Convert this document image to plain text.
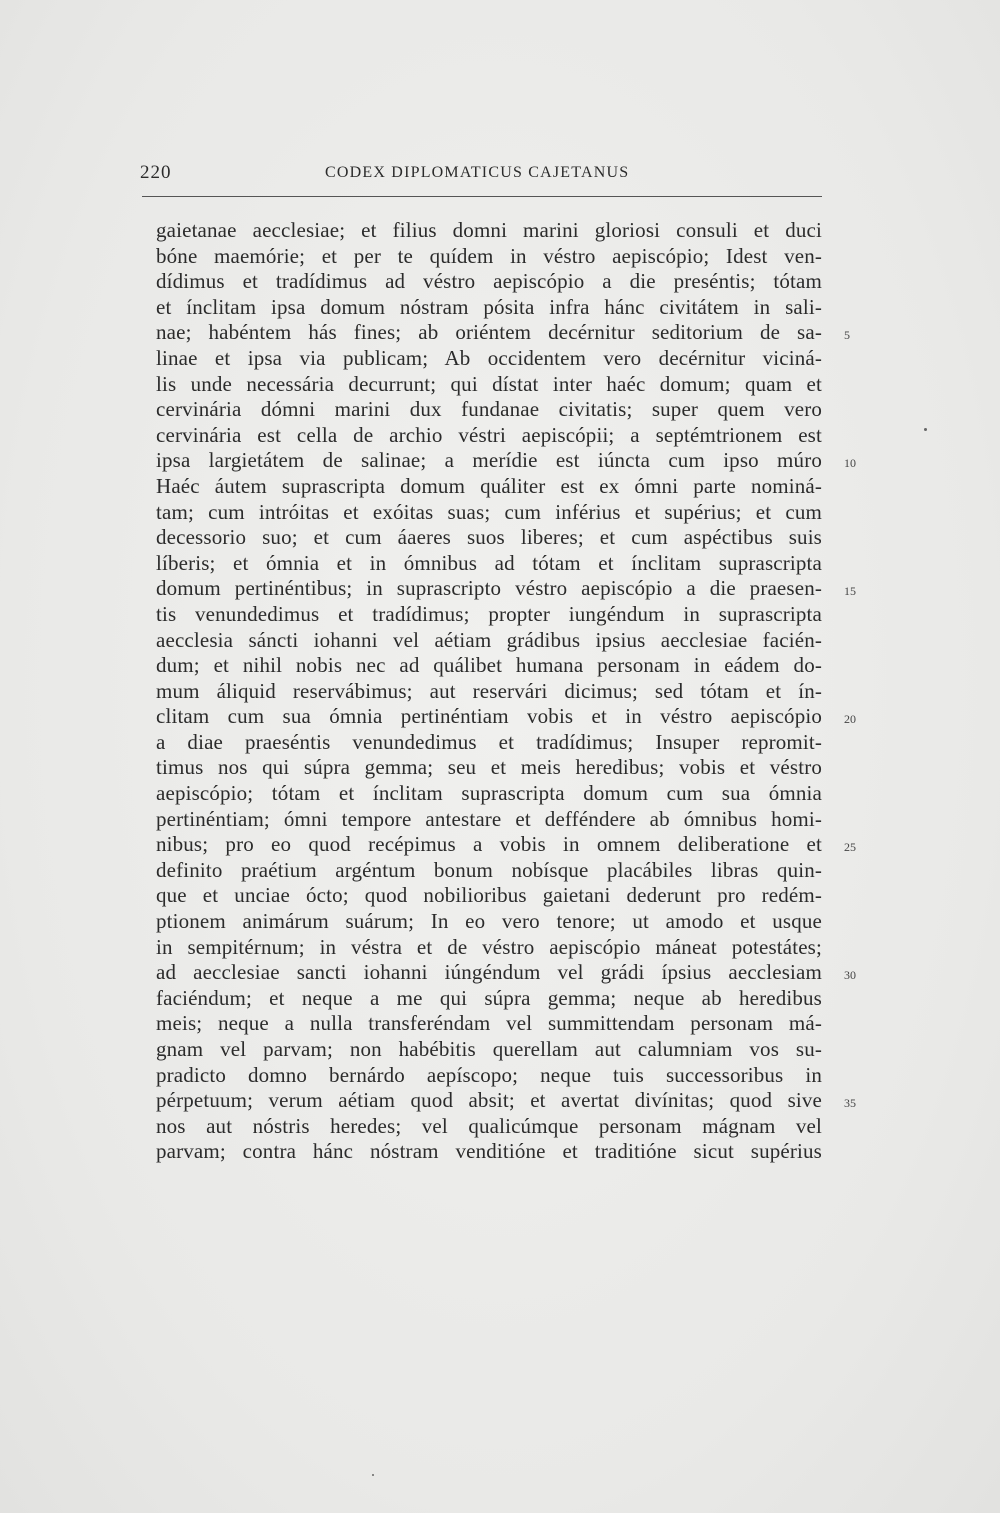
220	CODEX DIPLOMATICUS CAJETANUS
gaietanae aecclesiae; et filius domni marini gloriosi consuli et duci
bóne maemórie; et per te quídem in véstro aepiscópio; Idest ven-
dídimus et tradídimus ad véstro aepiscópio a die preséntis; tótam
et ínclitam ipsa domum nóstram pósita infra hánc civitátem in sali-
nae; habéntem hás fines; ab oriéntem decérnitur seditorium de sa-
linae et ipsa via publicam; Ab occidentem vero decérnitur viciná-
lis unde necessária decurrunt; qui dístat inter haéc domum; quam et
cervinária dómni marini dux fundanae civitatis; super quem vero
cervinária est cella de archio véstri aepiscópii; a septémtrionem est
ipsa largietátem de salinae; a merídie est iúncta cum ipso múro
Haéc áutem suprascripta domum quáliter est ex ómni parte nominá-
tam; cum intróitas et exóitas suas; cum inférius et supérius; et cum
decessorio suo; et cum áaeres suos liberes; et cum aspéctibus suis
líberis; et ómnia et in ómnibus ad tótam et ínclitam suprascripta
domum pertinéntibus; in suprascripto véstro aepiscópio a die praesen-
tis venundedimus et tradídimus; propter iungéndum in suprascripta
aecclesia sáncti iohanni vel aétiam grádibus ipsius aecclesiae facién-
dum; et nihil nobis nec ad quálibet humana personam in eádem do-
mum áliquid reservábimus; aut reservári dicimus; sed tótam et ín-
clitam cum sua ómnia pertinéntiam vobis et in véstro aepiscópio
a diae praeséntis venundedimus et tradídimus; Insuper repromit-
timus nos qui súpra gemma; seu et meis heredibus; vobis et véstro
aepiscópio; tótam et ínclitam suprascripta domum cum sua ómnia
pertinéntiam; ómni tempore antestare et defféndere ab ómnibus homi-
nibus; pro eo quod recépimus a vobis in omnem deliberatione et
definito praétium argéntum bonum nobísque placábiles libras quin-
que et unciae ócto; quod nobilioribus gaietani dederunt pro redém-
ptionem animárum suárum; In eo vero tenore; ut amodo et usque
in sempitérnum; in véstra et de véstro aepiscópio máneat potestátes;
ad aecclesiae sancti iohanni iúngéndum vel grádi ípsius aecclesiam
faciéndum; et neque a me qui súpra gemma; neque ab heredibus
meis; neque a nulla transferéndam vel summittendam personam má-
gnam vel parvam; non habébitis querellam aut calumniam vos su-
pradicto domno bernárdo aepíscopo; neque tuis successoribus in
pérpetuum; verum aétiam quod absit; et avertat divínitas; quod sive
nos aut nóstris heredes; vel qualicúmque personam mágnam vel
parvam; contra hánc nóstram venditióne et traditióne sicut supérius
5
10
15
20
25
30
35
